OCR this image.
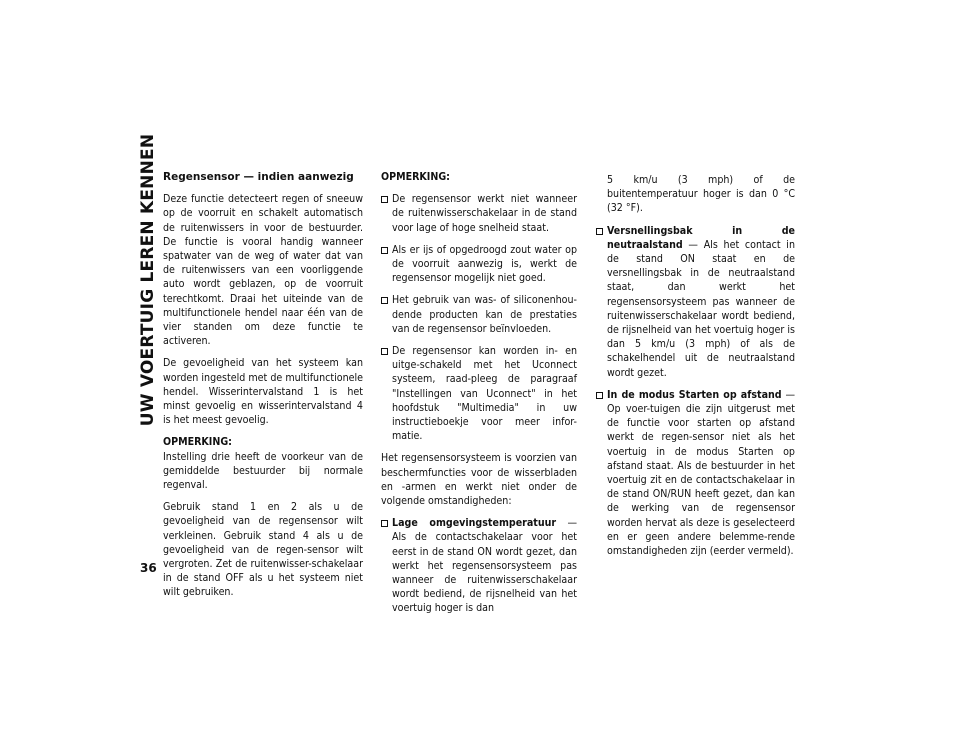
UW VOERTUIG LEREN KENNEN
36
Regensensor — indien aanwezig

Deze functie detecteert regen of sneeuw op de voorruit en schakelt automatisch de ruitenwissers in voor de bestuurder. De functie is vooral handig wanneer spatwater van de weg of water dat van de ruitenwissers van een voorliggende auto wordt geblazen, op de voorruit terechtkomt. Draai het uiteinde van de multifunctionele hendel naar één van de vier standen om deze functie te activeren.

De gevoeligheid van het systeem kan worden ingesteld met de multifunctionele hendel. Wisserintervalstand 1 is het minst gevoelig en wisserintervalstand 4 is het meest gevoelig.

OPMERKING:
Instelling drie heeft de voorkeur van de gemiddelde bestuurder bij normale regenval.

Gebruik stand 1 en 2 als u de gevoeligheid van de regensensor wilt verkleinen. Gebruik stand 4 als u de gevoeligheid van de regen-sensor wilt vergroten. Zet de ruitenwisser-schakelaar in de stand OFF als u het systeem niet wilt gebruiken.

OPMERKING:
De regensensor werkt niet wanneer de ruitenwisserschakelaar in de stand voor lage of hoge snelheid staat.
Als er ijs of opgedroogd zout water op de voorruit aanwezig is, werkt de regensensor mogelijk niet goed.
Het gebruik van was- of siliconenhou-dende producten kan de prestaties van de regensensor beïnvloeden.
De regensensor kan worden in- en uitge-schakeld met het Uconnect systeem, raad-pleeg de paragraaf "Instellingen van Uconnect" in het hoofdstuk "Multimedia" in uw instructieboekje voor meer infor-matie.

Het regensensorsysteem is voorzien van beschermfuncties voor de wisserbladen en -armen en werkt niet onder de volgende omstandigheden:

Lage omgevingstemperatuur — Als de contactschakelaar voor het eerst in de stand ON wordt gezet, dan werkt het regensensorsysteem pas wanneer de ruitenwisserschakelaar wordt bediend, de rijsnelheid van het voertuig hoger is dan

5 km/u (3 mph) of de buitentemperatuur hoger is dan 0 °C (32 °F).

Versnellingsbak in de neutraalstand — Als het contact in de stand ON staat en de versnellingsbak in de neutraalstand staat, dan werkt het regensensorsysteem pas wanneer de ruitenwisserschakelaar wordt bediend, de rijsnelheid van het voertuig hoger is dan 5 km/u (3 mph) of als de schakelhendel uit de neutraalstand wordt gezet.
In de modus Starten op afstand — Op voer-tuigen die zijn uitgerust met de functie voor starten op afstand werkt de regen-sensor niet als het voertuig in de modus Starten op afstand staat. Als de bestuurder in het voertuig zit en de contactschakelaar in de stand ON/RUN heeft gezet, dan kan de werking van de regensensor worden hervat als deze is geselecteerd en er geen andere belemme-rende omstandigheden zijn (eerder vermeld).
